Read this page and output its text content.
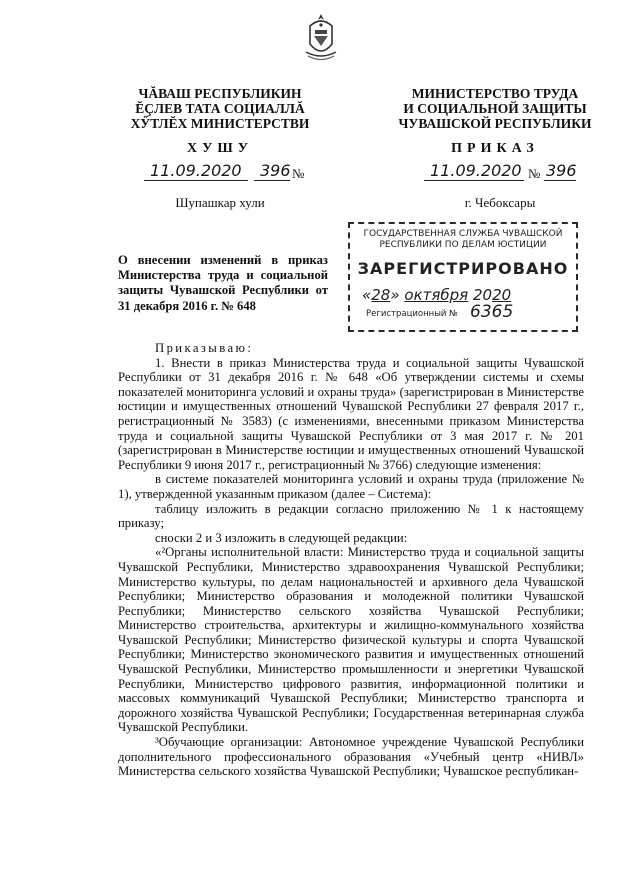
ЧĂВАШ РЕСПУБЛИКИН
ĔÇЛЕВ ТАТА СОЦИАЛЛĂ
ХӲТЛĔХ МИНИСТЕРСТВИ
МИНИСТЕРСТВО ТРУДА
И СОЦИАЛЬНОЙ ЗАЩИТЫ
ЧУВАШСКОЙ РЕСПУБЛИКИ
ХУШУ	ПРИКАЗ
11.09.2020 396 №	11.09.2020 № 396
Шупашкар хули	г. Чебоксары
О внесении изменений в приказ Министерства труда и социальной защиты Чувашской Республики от 31 декабря 2016 г. № 648
ГОСУДАРСТВЕННАЯ СЛУЖБА ЧУВАШСКОЙ
РЕСПУБЛИКИ ПО ДЕЛАМ ЮСТИЦИИ
ЗАРЕГИСТРИРОВАНО
«28» октября 2020
Регистрационный № 6365

Приказываю:

1. Внести в приказ Министерства труда и социальной защиты Чувашской Республики от 31 декабря 2016 г. № 648 «Об утверждении системы и схемы показателей мониторинга условий и охраны труда» (зарегистрирован в Министерстве юстиции и имущественных отношений Чувашской Республики 27 февраля 2017 г., регистрационный № 3583) (с изменениями, внесенными приказом Министерства труда и социальной защиты Чувашской Республики от 3 мая 2017 г. № 201 (зарегистрирован в Министерстве юстиции и имущественных отношений Чувашской Республики 9 июня 2017 г., регистрационный № 3766) следующие изменения:

в системе показателей мониторинга условий и охраны труда (приложение № 1), утвержденной указанным приказом (далее – Система):

таблицу изложить в редакции согласно приложению № 1 к настоящему приказу;

сноски 2 и 3 изложить в следующей редакции:

«²Органы исполнительной власти: Министерство труда и социальной защиты Чувашской Республики, Министерство здравоохранения Чувашской Республики; Министерство культуры, по делам национальностей и архивного дела Чувашской Республики; Министерство образования и молодежной политики Чувашской Республики; Министерство сельского хозяйства Чувашской Республики; Министерство строительства, архитектуры и жилищно-коммунального хозяйства Чувашской Республики; Министерство физической культуры и спорта Чувашской Республики; Министерство экономического развития и имущественных отношений Чувашской Республики, Министерство промышленности и энергетики Чувашской Республики, Министерство цифрового развития, информационной политики и массовых коммуникаций Чувашской Республики; Министерство транспорта и дорожного хозяйства Чувашской Республики; Государственная ветеринарная служба Чувашской Республики.

³Обучающие организации: Автономное учреждение Чувашской Республики дополнительного профессионального образования «Учебный центр «НИВЛ» Министерства сельского хозяйства Чувашской Республики; Чувашское республикан-
